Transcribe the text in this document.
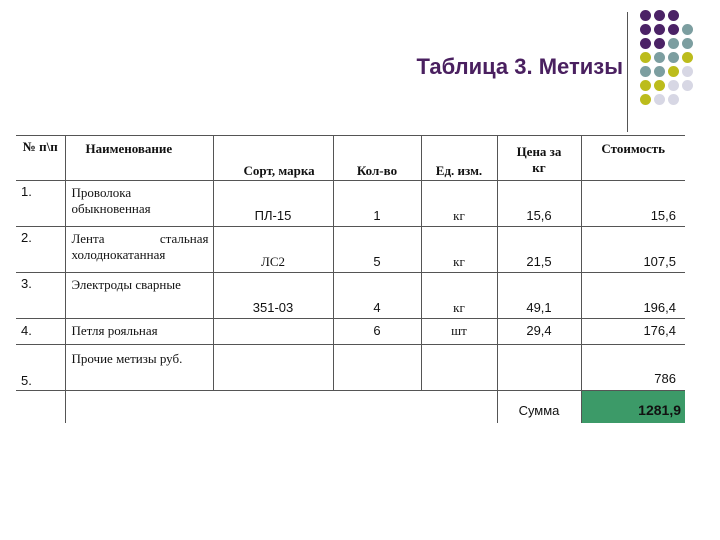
Таблица 3. Метизы
№ п\п	Наименование	Сорт, марка	Кол-во	Ед. изм.	Цена за кг	Стоимость
1.	Проволока обыкновенная	ПЛ-15	1	кг	15,6	15,6
2.	Лента стальная холоднокатанная	ЛС2	5	кг	21,5	107,5
3.	Электроды сварные	351-03	4	кг	49,1	196,4
4.	Петля рояльная		6	шт	29,4	176,4
5.	Прочие метизы руб.					786
					Сумма	1281,9
